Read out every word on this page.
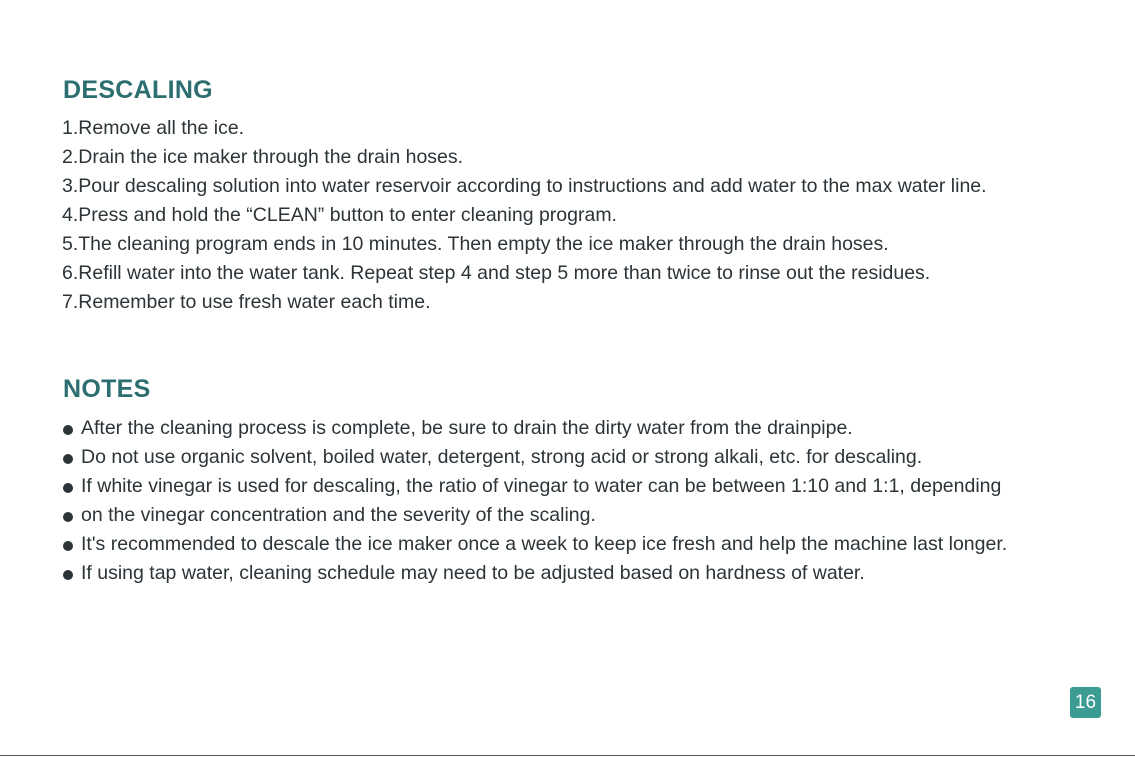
DESCALING
1.Remove all the ice.
2.Drain the ice maker through the drain hoses.
3.Pour descaling solution into water reservoir according to instructions and add water to the max water line.
4.Press and hold the “CLEAN” button to enter cleaning program.
5.The cleaning program ends in 10 minutes. Then empty the ice maker through the drain hoses.
6.Refill water into the water tank. Repeat step 4 and step 5 more than twice to rinse out the residues.
7.Remember to use fresh water each time.
NOTES
After the cleaning process is complete, be sure to drain the dirty water from the drainpipe.
Do not use organic solvent, boiled water, detergent, strong acid or strong alkali, etc. for descaling.
If white vinegar is used for descaling, the ratio of vinegar to water can be between 1:10 and 1:1, depending
on the vinegar concentration and the severity of the scaling.
It's recommended to descale the ice maker once a week to keep ice fresh and help the machine last longer.
If using tap water, cleaning schedule may need to be adjusted based on hardness of water.
16
